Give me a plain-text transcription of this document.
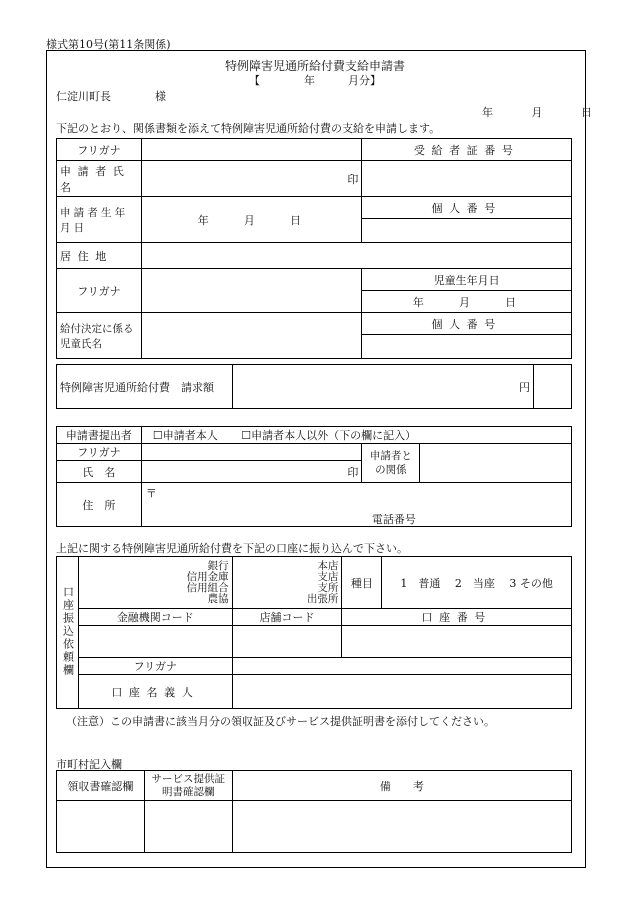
様式第10号(第11条関係)
特例障害児通所給付費支給申請書
【　　　　年　　　月分】
仁淀川町長　　　　様
年　　月　　日
下記のとおり、関係書類を添えて特例障害児通所給付費の支給を申請します。
フリガナ		受給者証番号
申請者氏名	印	

申請者生年月日	年　　月　　日	個人番号

居住地		
フリガナ		児童生年月日
		年　　月　　日
給付決定に係る児童氏名		個人番号

特例障害児通所給付費　請求額	円	
申請書提出者	☐申請者本人 ☐申請者本人以外（下の欄に記入）		
フリガナ		申請者との関係	
氏　名	印		
住　所	〒
電話番号		
上記に関する特例障害児通所給付費を下記の口座に振り込んで下さい。
口座振込依頼欄	銀行
信用金庫
信用組合
農協	本店
支店
支所
出張所	種目	1　普通　 2　当座　 3 その他
	金融機関コード	店舗コード	口座番号	

	フリガナ			
	口座名義人			
（注意）この申請書に該当月分の領収証及びサービス提供証明書を添付してください。
市町村記入欄
領収書確認欄	サービス提供証明書確認欄	備　　考
